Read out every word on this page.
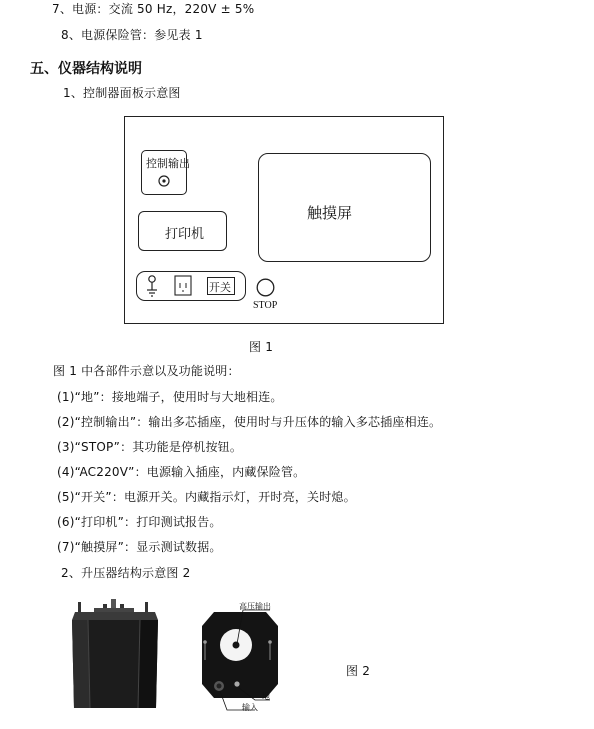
7、电源：交流 50 Hz，220V ± 5%
8、电源保险管：参见表 1
五、仪器结构说明
1、控制器面板示意图
控制输出
打印机
触摸屏
开关
STOP
图 1
图 1 中各部件示意以及功能说明：
(1)“地”：接地端子，使用时与大地相连。
(2)“控制输出”：输出多芯插座，使用时与升压体的输入多芯插座相连。
(3)“STOP”：其功能是停机按钮。
(4)“AC220V”：电源输入插座，内藏保险管。
(5)“开关”：电源开关。内藏指示灯，开时亮，关时熄。
(6)“打印机”：打印测试报告。
(7)“触摸屏”：显示测试数据。
2、升压器结构示意图 2
高压输出
地
输入
图 2
